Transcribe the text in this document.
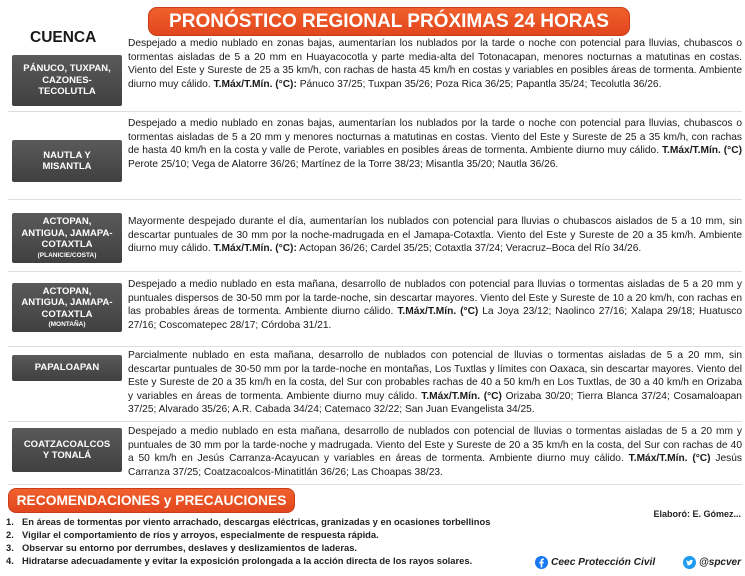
PRONÓSTICO REGIONAL PRÓXIMAS 24 HORAS
CUENCA
PÁNUCO, TUXPAN,
CAZONES-
TECOLUTLA
Despejado a medio nublado en zonas bajas, aumentarían los nublados por la tarde o noche con potencial para lluvias, chubascos o tormentas aisladas de 5 a 20 mm en Huayacocotla y parte media-alta del Totonacapan, menores nocturnas a matutinas en costas. Viento del Este y Sureste de 25 a 35 km/h, con rachas de hasta 45 km/h en costas y variables en posibles áreas de tormenta. Ambiente diurno muy cálido. T.Máx/T.Mín. (°C): Pánuco 37/25; Tuxpan 35/26; Poza Rica 36/25; Papantla 35/24; Tecolutla 36/26.
NAUTLA Y
MISANTLA
Despejado a medio nublado en zonas bajas, aumentarían los nublados por la tarde o noche con potencial para lluvias, chubascos o tormentas aisladas de 5 a 20 mm y menores nocturnas a matutinas en costas. Viento del Este y Sureste de 25 a 35 km/h, con rachas de hasta 40 km/h en la costa y valle de Perote, variables en posibles áreas de tormenta. Ambiente diurno muy cálido. T.Máx/T.Mín. (°C) Perote 25/10; Vega de Alatorre 36/26; Martínez de la Torre 38/23; Misantla 35/20; Nautla 36/26.
ACTOPAN,
ANTIGUA, JAMAPA-
COTAXTLA
(PLANICIE/COSTA)
Mayormente despejado durante el día, aumentarían los nublados con potencial para lluvias o chubascos aislados de 5 a 10 mm, sin descartar puntuales de 30 mm por la noche-madrugada en el Jamapa-Cotaxtla. Viento del Este y Sureste de 20 a 35 km/h. Ambiente diurno muy cálido. T.Máx/T.Mín. (°C): Actopan 36/26; Cardel 35/25; Cotaxtla 37/24; Veracruz–Boca del Río 34/26.
ACTOPAN,
ANTIGUA, JAMAPA-
COTAXTLA
(MONTAÑA)
Despejado a medio nublado en esta mañana, desarrollo de nublados con potencial para lluvias o tormentas aisladas de 5 a 20 mm y puntuales dispersos de 30-50 mm por la tarde-noche, sin descartar mayores. Viento del Este y Sureste de 10 a 20 km/h, con rachas en las probables áreas de tormenta. Ambiente diurno cálido. T.Máx/T.Mín. (°C) La Joya 23/12; Naolinco 27/16; Xalapa 29/18; Huatusco 27/16; Coscomatepec 28/17; Córdoba 31/21.
PAPALOAPAN
Parcialmente nublado en esta mañana, desarrollo de nublados con potencial de lluvias o tormentas aisladas de 5 a 20 mm, sin descartar puntuales de 30-50 mm por la tarde-noche en montañas, Los Tuxtlas y límites con Oaxaca, sin descartar mayores. Viento del Este y Sureste de 20 a 35 km/h en la costa, del Sur con probables rachas de 40 a 50 km/h en Los Tuxtlas, de 30 a 40 km/h en Orizaba y variables en áreas de tormenta. Ambiente diurno muy cálido. T.Máx/T.Mín. (°C) Orizaba 30/20; Tierra Blanca 37/24; Cosamaloapan 37/25; Alvarado 35/26; A.R. Cabada 34/24; Catemaco 32/22; San Juan Evangelista 34/25.
COATZACOALCOS
Y TONALÁ
Despejado a medio nublado en esta mañana, desarrollo de nublados con potencial de lluvias o tormentas aisladas de 5 a 20 mm y puntuales de 30 mm por la tarde-noche y madrugada. Viento del Este y Sureste de 20 a 35 km/h en la costa, del Sur con rachas de 40 a 50 km/h en Jesús Carranza-Acayucan y variables en áreas de tormenta. Ambiente diurno muy cálido. T.Máx/T.Mín. (°C) Jesús Carranza 37/25; Coatzacoalcos-Minatitlán 36/26; Las Choapas 38/23.
RECOMENDACIONES y PRECAUCIONES
Elaboró: E. Gómez...
1. En áreas de tormentas por viento arrachado, descargas eléctricas, granizadas y en ocasiones torbellinos
2. Vigilar el comportamiento de ríos y arroyos, especialmente de respuesta rápida.
3. Observar su entorno por derrumbes, deslaves y deslizamientos de laderas.
4. Hidratarse adecuadamente y evitar la exposición prolongada a la acción directa de los rayos solares.	Ceec Protección Civil	@spcver
